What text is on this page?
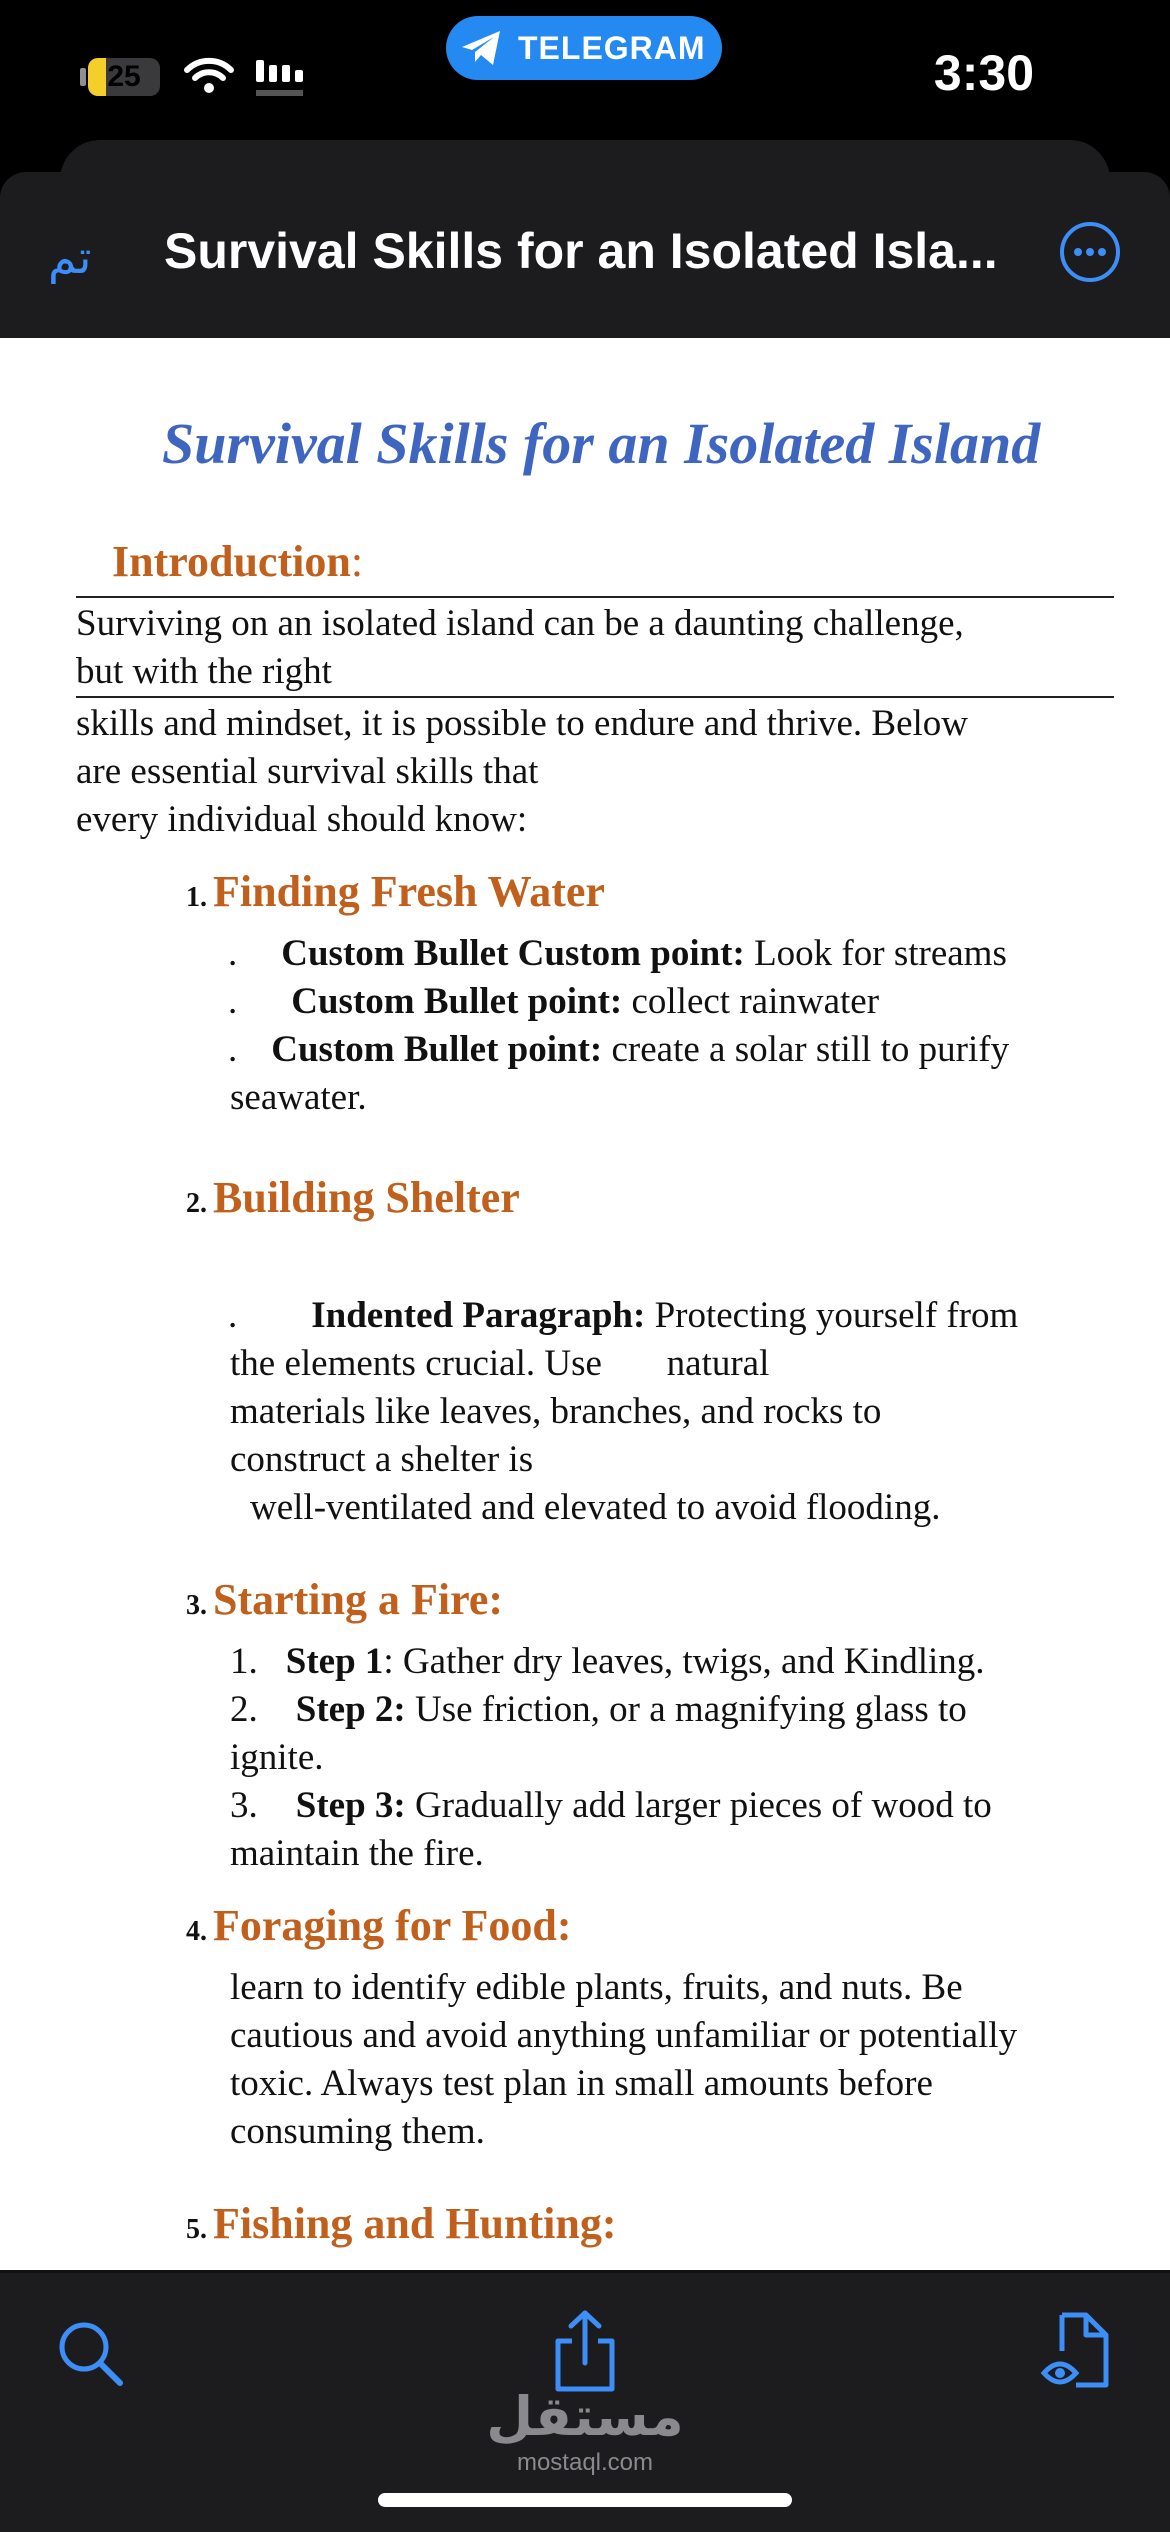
25
TELEGRAM	3:30
تم Survival Skills for an Isolated Isla...
Survival Skills for an Isolated Island
Introduction:
Surviving on an isolated island can be a daunting challenge,
but with the right
skills and mindset, it is possible to endure and thrive. Below
are essential survival skills that
every individual should know:
1. Finding Fresh Water
. Custom Bullet Custom point: Look for streams
. Custom Bullet point: collect rainwater
. Custom Bullet point: create a solar still to purify
seawater.
2. Building Shelter
. Indented Paragraph: Protecting yourself from
the elements crucial. Use       natural
materials like leaves, branches, and rocks to
construct a shelter is
well-ventilated and elevated to avoid flooding.
3. Starting a Fire:
1. Step 1: Gather dry leaves, twigs, and Kindling.
2. Step 2: Use friction, or a magnifying glass to
ignite.
3. Step 3: Gradually add larger pieces of wood to
maintain the fire.
4. Foraging for Food:
learn to identify edible plants, fruits, and nuts. Be
cautious and avoid anything unfamiliar or potentially
toxic. Always test plan in small amounts before
consuming them.
5. Fishing and Hunting:
مستقل
mostaql.com
